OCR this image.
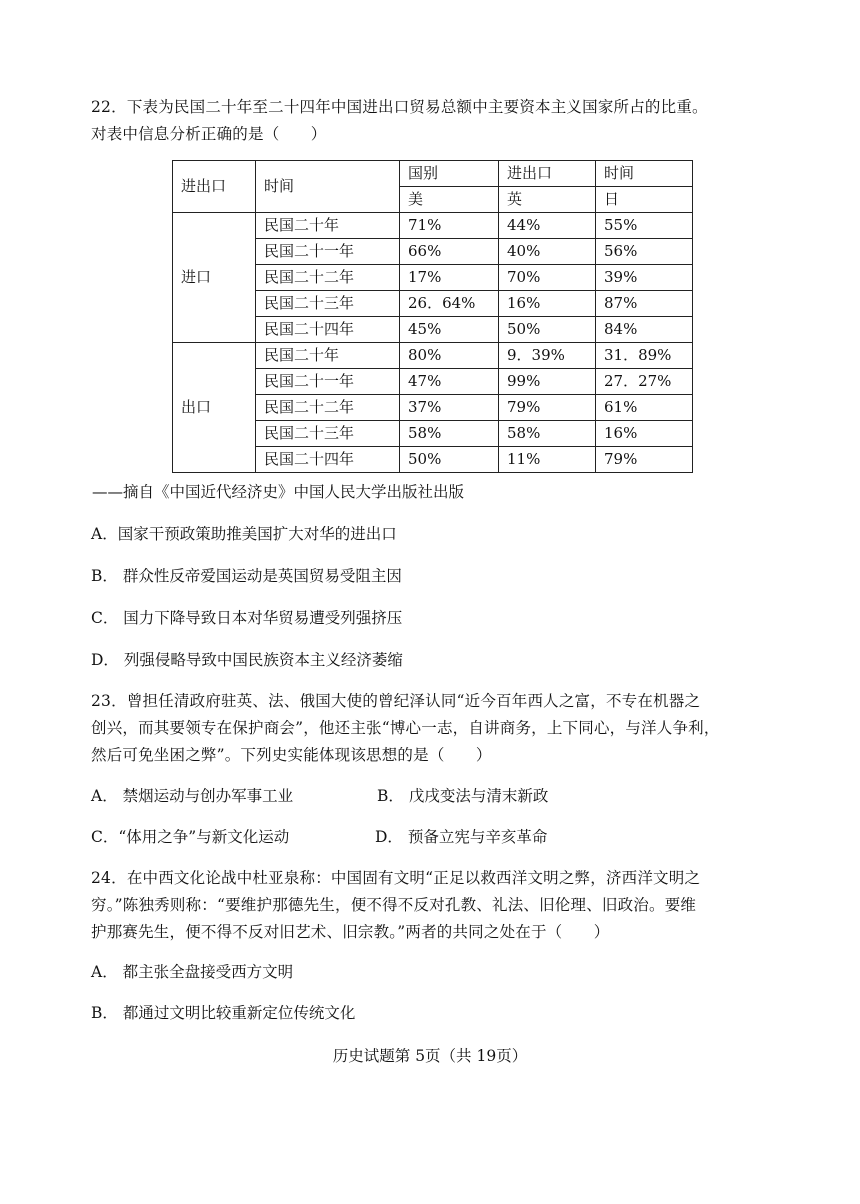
22．下表为民国二十年至二十四年中国进出口贸易总额中主要资本主义国家所占的比重。
对表中信息分析正确的是（　　）
进出口	时间	国别	进出口	时间
		美	英	日
进口	民国二十年	71%	44%	55%
	民国二十一年	66%	40%	56%
	民国二十二年	17%	70%	39%
	民国二十三年	26．64%	16%	87%
	民国二十四年	45%	50%	84%
出口	民国二十年	80%	9．39%	31．89%
	民国二十一年	47%	99%	27．27%
	民国二十二年	37%	79%	61%
	民国二十三年	58%	58%	16%
	民国二十四年	50%	11%	79%
——摘自《中国近代经济史》中国人民大学出版社出版
A．国家干预政策助推美国扩大对华的进出口
B． 群众性反帝爱国运动是英国贸易受阻主因
C． 国力下降导致日本对华贸易遭受列强挤压
D． 列强侵略导致中国民族资本主义经济萎缩
23．曾担任清政府驻英、法、俄国大使的曾纪泽认同“近今百年西人之富，不专在机器之
创兴，而其要领专在保护商会”，他还主张“博心一志，自讲商务，上下同心，与洋人争利，
然后可免坐困之弊”。下列史实能体现该思想的是（　　）
A． 禁烟运动与创办军事工业	B． 戊戌变法与清末新政
C．“体用之争”与新文化运动	D． 预备立宪与辛亥革命
24．在中西文化论战中杜亚泉称：中国固有文明“正足以救西洋文明之弊，济西洋文明之
穷。”陈独秀则称：“要维护那德先生，便不得不反对孔教、礼法、旧伦理、旧政治。要维
护那赛先生，便不得不反对旧艺术、旧宗教。”两者的共同之处在于（　　）
A． 都主张全盘接受西方文明
B． 都通过文明比较重新定位传统文化
历史试题第 5页（共 19页）
